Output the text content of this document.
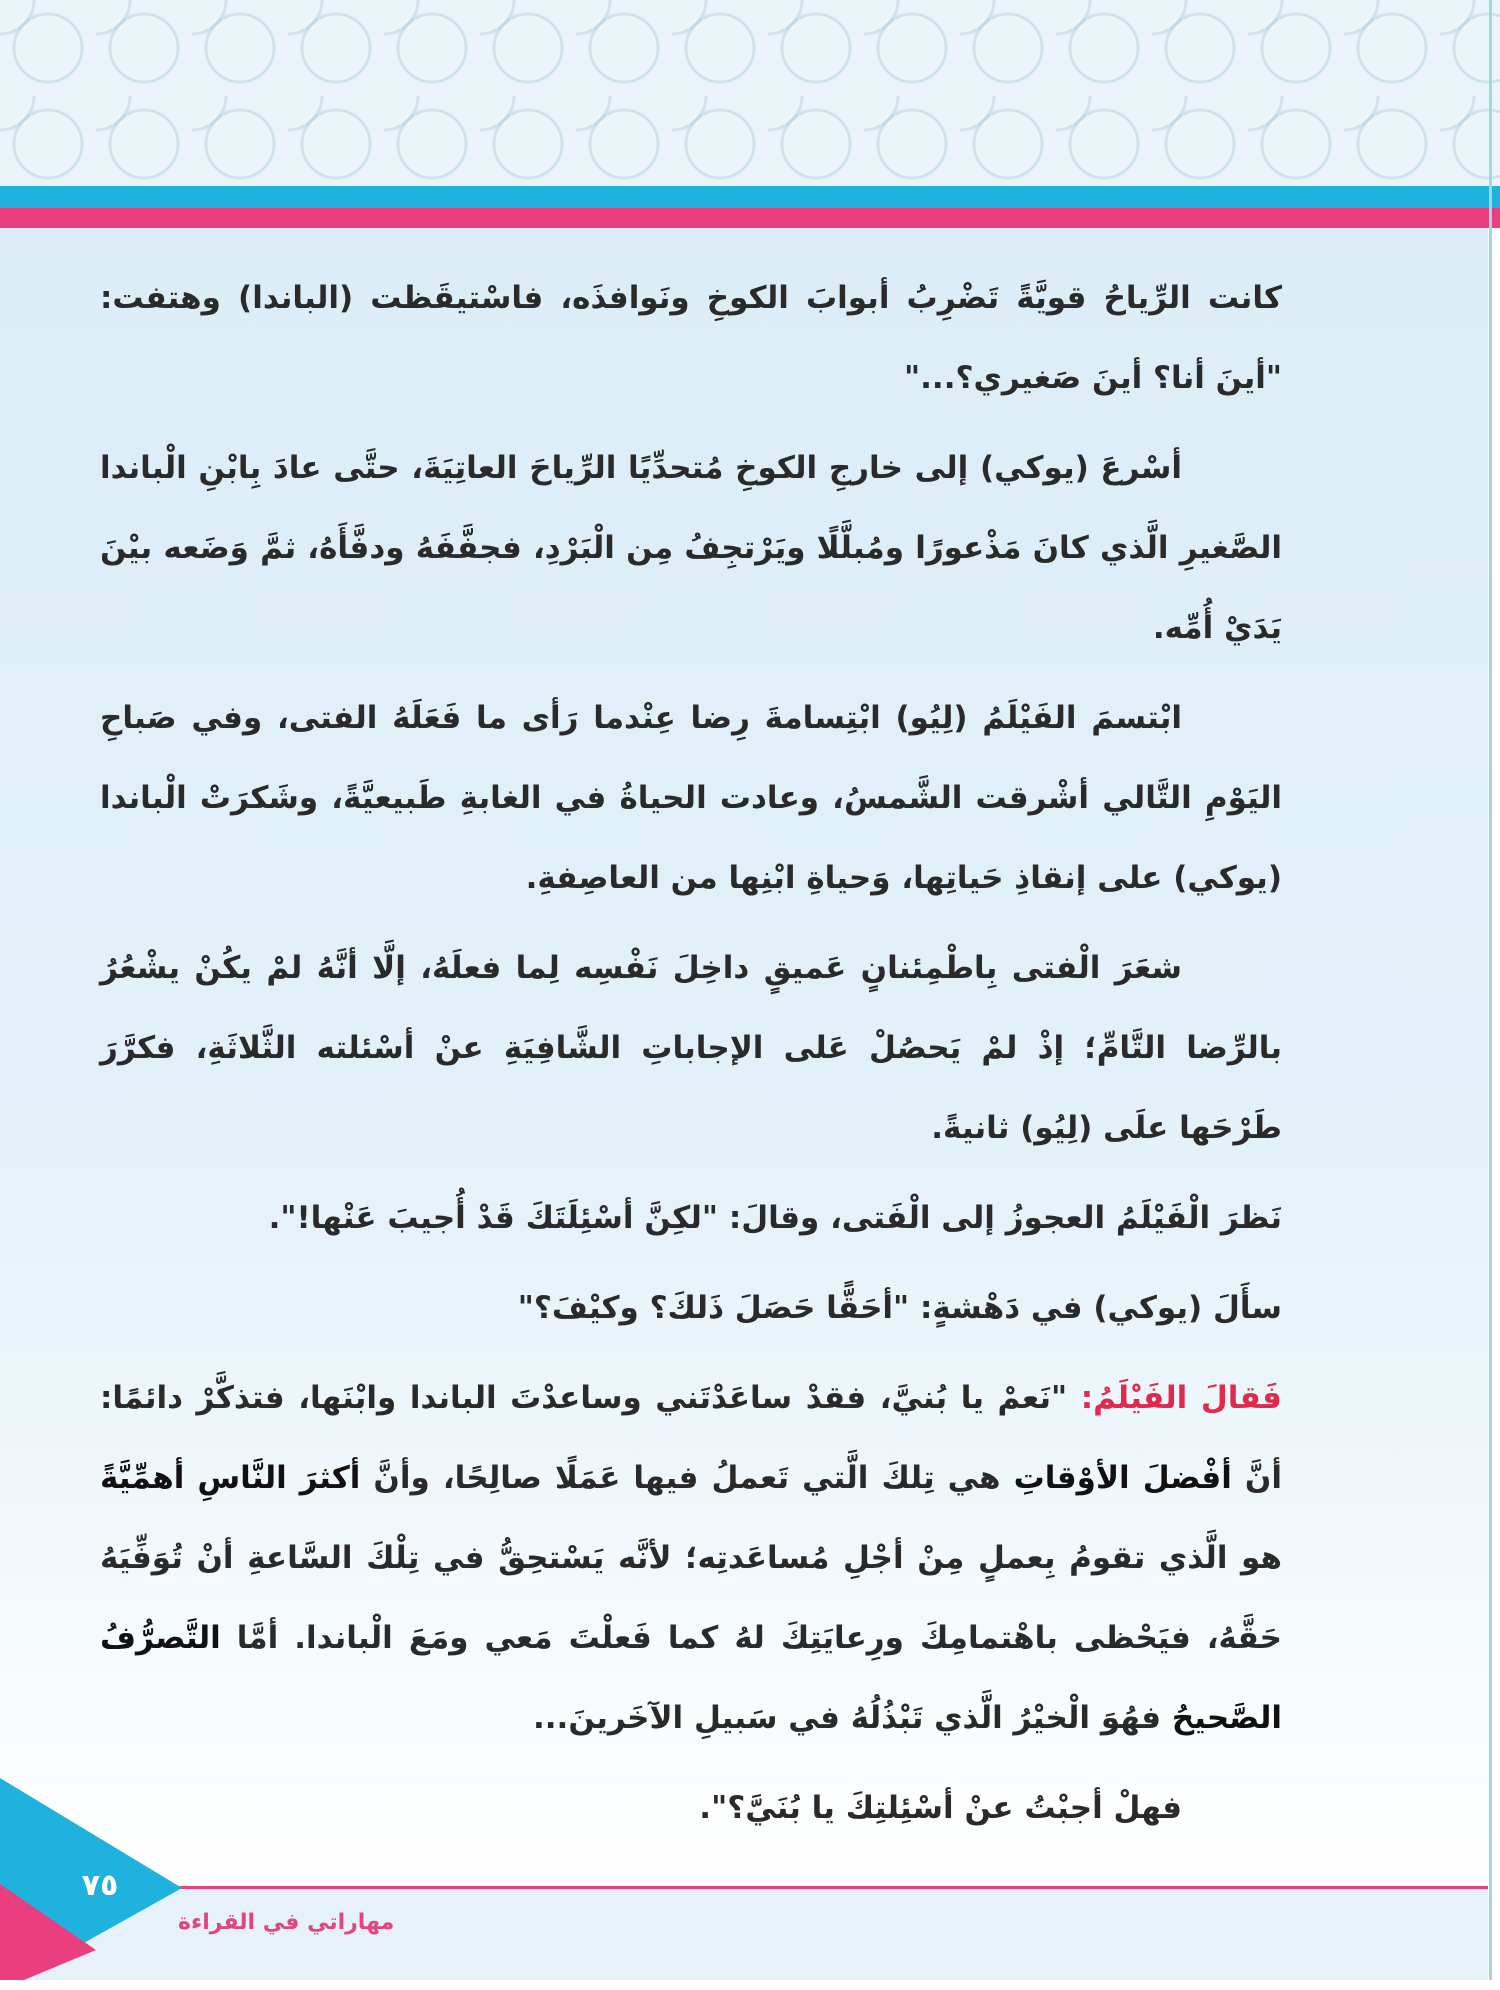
كانت الرِّياحُ قويَّةً تَضْرِبُ أبوابَ الكوخِ ونَوافذَه، فاسْتيقَظت (الباندا) وهتفت: "أينَ أنا؟ أينَ صَغيري؟..."

أسْرعَ (يوكي) إلى خارجِ الكوخِ مُتحدِّيًا الرِّياحَ العاتِيَةَ، حتَّى عادَ بِابْنِ الْباندا الصَّغيرِ الَّذي كانَ مَذْعورًا ومُبلَّلًا ويَرْتجِفُ مِن الْبَرْدِ، فجفَّفَهُ ودفَّأَهُ، ثمَّ وَضَعه بيْنَ يَدَيْ أُمِّه.

ابْتسمَ الفَيْلَمُ (لِيُو) ابْتِسامةَ رِضا عِنْدما رَأى ما فَعَلَهُ الفتى، وفي صَباحِ اليَوْمِ التَّالي أشْرقت الشَّمسُ، وعادت الحياةُ في الغابةِ طَبيعيَّةً، وشَكرَتْ الْباندا (يوكي) على إنقاذِ حَياتِها، وَحياةِ ابْنِها من العاصِفةِ.

شعَرَ الْفتى بِاطْمِئنانٍ عَميقٍ داخِلَ نَفْسِه لِما فعلَهُ، إلَّا أنَّهُ لمْ يكُنْ يشْعُرُ بالرِّضا التَّامِّ؛ إذْ لمْ يَحصُلْ عَلى الإجاباتِ الشَّافِيَةِ عنْ أسْئلته الثَّلاثَةِ، فكرَّرَ طَرْحَها علَى (لِيُو) ثانيةً.

نَظرَ الْفَيْلَمُ العجوزُ إلى الْفَتى، وقالَ: "لكِنَّ أسْئِلَتَكَ قَدْ أُجيبَ عَنْها!".

سأَلَ (يوكي) في دَهْشةٍ: "أحَقًّا حَصَلَ ذَلكَ؟ وكيْفَ؟"

فَقالَ الفَيْلَمُ: "نَعمْ يا بُنيَّ، فقدْ ساعَدْتَني وساعدْتَ الباندا وابْنَها، فتذكَّرْ دائمًا: أنَّ أفْضلَ الأوْقاتِ هي تِلكَ الَّتي تَعملُ فيها عَمَلًا صالِحًا، وأنَّ أكثرَ النَّاسِ أهمِّيَّةً هو الَّذي تقومُ بِعملٍ مِنْ أجْلِ مُساعَدتِه؛ لأنَّه يَسْتحِقُّ في تِلْكَ السَّاعةِ أنْ تُوَفِّيَهُ حَقَّهُ، فيَحْظى باهْتمامِكَ ورِعايَتِكَ لهُ كما فَعلْتَ مَعي ومَعَ الْباندا. أمَّا التَّصرُّفُ الصَّحيحُ فهُوَ الْخيْرُ الَّذي تَبْذُلُهُ في سَبيلِ الآخَرينَ...

فهلْ أجبْتُ عنْ أسْئِلتِكَ يا بُنَيَّ؟".

٧٥
مهاراتي في القراءة
